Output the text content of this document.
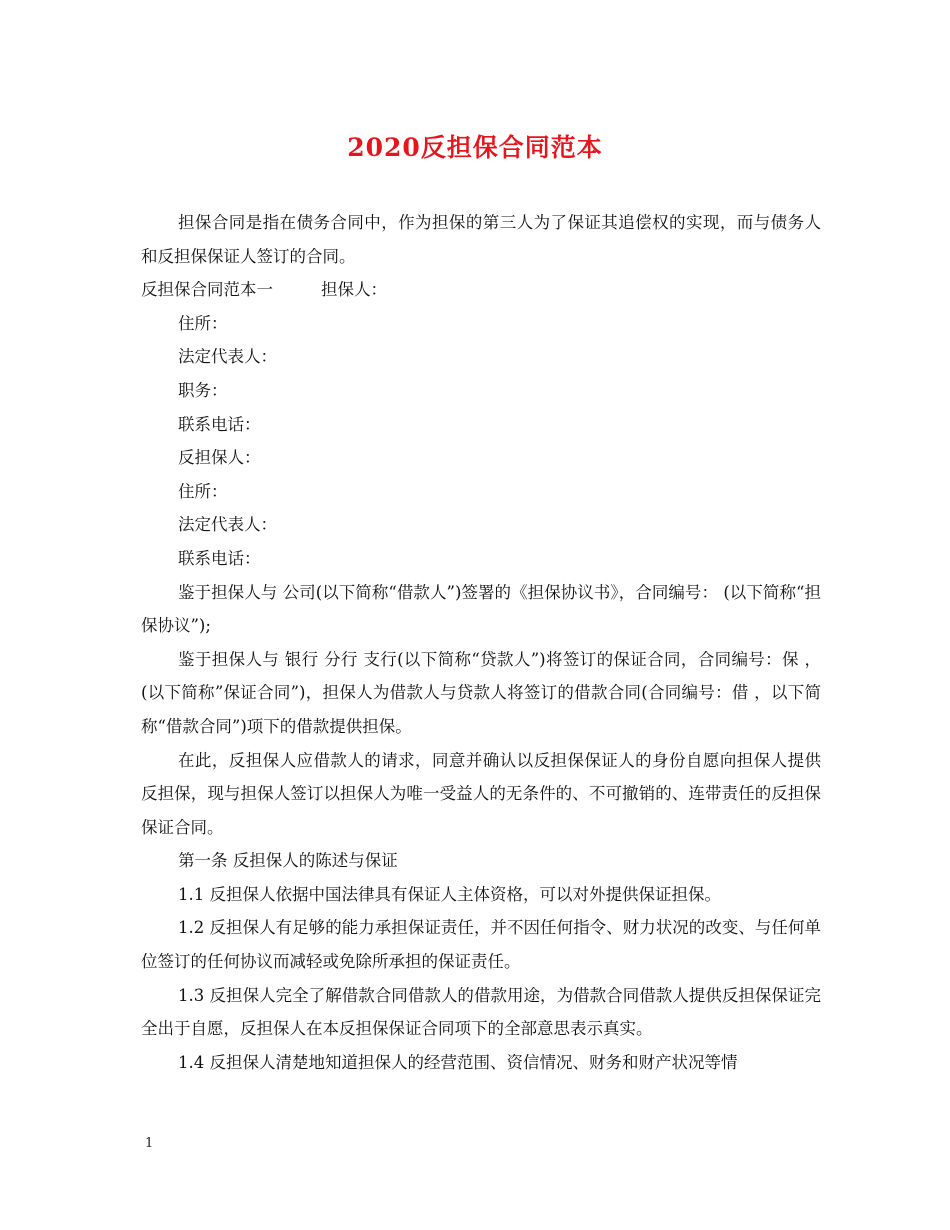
2020反担保合同范本

担保合同是指在债务合同中，作为担保的第三人为了保证其追偿权的实现，而与债务人和反担保保证人签订的合同。

反担保合同范本一	担保人：

住所：

法定代表人：

职务：

联系电话：

反担保人：

住所：

法定代表人：

联系电话：

鉴于担保人与 公司(以下简称“借款人”)签署的《担保协议书》，合同编号： (以下简称“担保协议”);

鉴于担保人与 银行 分行 支行(以下简称“贷款人”)将签订的保证合同，合同编号：保 ，(以下简称”保证合同”)，担保人为借款人与贷款人将签订的借款合同(合同编号：借 ，以下简称“借款合同”)项下的借款提供担保。

在此，反担保人应借款人的请求，同意并确认以反担保保证人的身份自愿向担保人提供反担保，现与担保人签订以担保人为唯一受益人的无条件的、不可撤销的、连带责任的反担保保证合同。

第一条 反担保人的陈述与保证

1.1 反担保人依据中国法律具有保证人主体资格，可以对外提供保证担保。

1.2 反担保人有足够的能力承担保证责任，并不因任何指令、财力状况的改变、与任何单位签订的任何协议而减轻或免除所承担的保证责任。

1.3 反担保人完全了解借款合同借款人的借款用途，为借款合同借款人提供反担保保证完全出于自愿，反担保人在本反担保保证合同项下的全部意思表示真实。

1.4 反担保人清楚地知道担保人的经营范围、资信情况、财务和财产状况等情

1
